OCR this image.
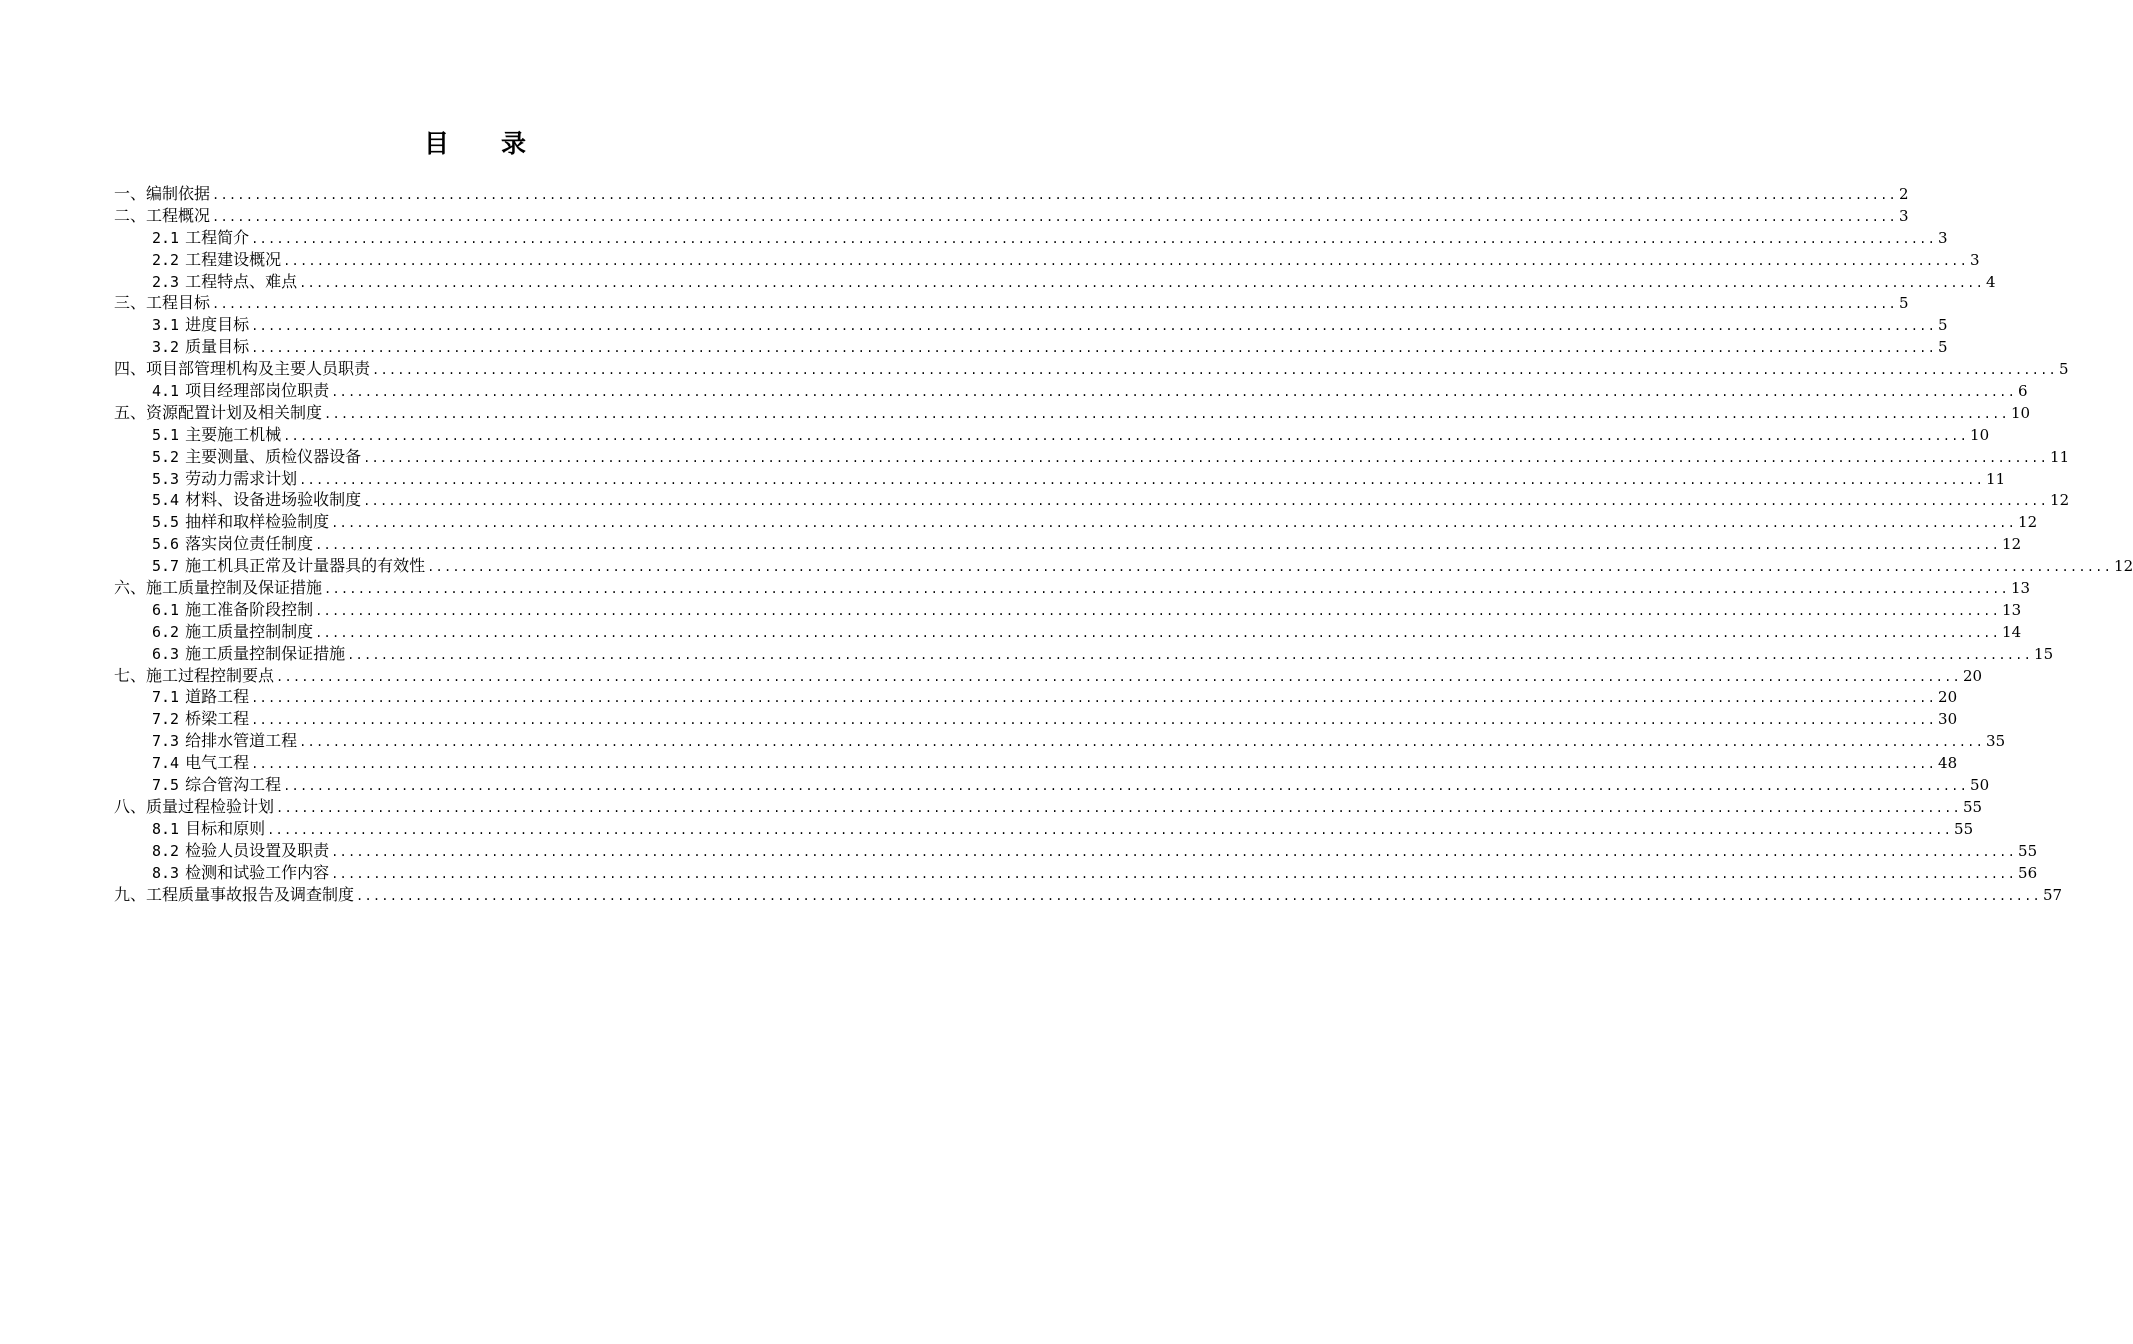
目 录
一、编制依据 ........................................................................................................................................................................................................ 2
二、工程概况 ........................................................................................................................................................................................................ 3
2.1 工程简介 ........................................................................................................................................................................................................ 3
2.2 工程建设概况 ........................................................................................................................................................................................................ 3
2.3 工程特点、难点 ........................................................................................................................................................................................................ 4
三、工程目标 ........................................................................................................................................................................................................ 5
3.1 进度目标 ........................................................................................................................................................................................................ 5
3.2 质量目标 ........................................................................................................................................................................................................ 5
四、项目部管理机构及主要人员职责 ........................................................................................................................................................................................................ 5
4.1 项目经理部岗位职责 ........................................................................................................................................................................................................ 6
五、资源配置计划及相关制度 ........................................................................................................................................................................................................ 10
5.1 主要施工机械 ........................................................................................................................................................................................................ 10
5.2 主要测量、质检仪器设备 ........................................................................................................................................................................................................ 11
5.3 劳动力需求计划 ........................................................................................................................................................................................................ 11
5.4 材料、设备进场验收制度 ........................................................................................................................................................................................................ 12
5.5 抽样和取样检验制度 ........................................................................................................................................................................................................ 12
5.6 落实岗位责任制度 ........................................................................................................................................................................................................ 12
5.7 施工机具正常及计量器具的有效性 ........................................................................................................................................................................................................ 12
六、施工质量控制及保证措施 ........................................................................................................................................................................................................ 13
6.1 施工准备阶段控制 ........................................................................................................................................................................................................ 13
6.2 施工质量控制制度 ........................................................................................................................................................................................................ 14
6.3 施工质量控制保证措施 ........................................................................................................................................................................................................ 15
七、施工过程控制要点 ........................................................................................................................................................................................................ 20
7.1 道路工程 ........................................................................................................................................................................................................ 20
7.2 桥梁工程 ........................................................................................................................................................................................................ 30
7.3 给排水管道工程 ........................................................................................................................................................................................................ 35
7.4 电气工程 ........................................................................................................................................................................................................ 48
7.5 综合管沟工程 ........................................................................................................................................................................................................ 50
八、质量过程检验计划 ........................................................................................................................................................................................................ 55
8.1 目标和原则 ........................................................................................................................................................................................................ 55
8.2 检验人员设置及职责 ........................................................................................................................................................................................................ 55
8.3 检测和试验工作内容 ........................................................................................................................................................................................................ 56
九、工程质量事故报告及调查制度 ........................................................................................................................................................................................................ 57
